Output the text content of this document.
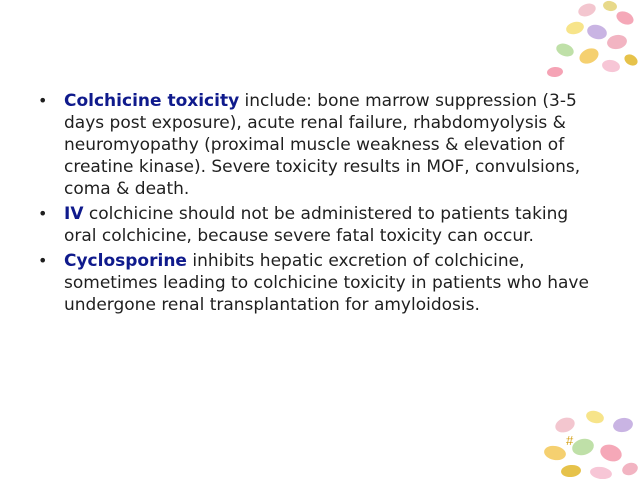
• Colchicine toxicity include: bone marrow suppression (3-5 days post exposure), acute renal failure, rhabdomyolysis & neuromyopathy (proximal muscle weakness & elevation of creatine kinase). Severe toxicity results in MOF, convulsions, coma & death.
• IV colchicine should not be administered to patients taking oral colchicine, because severe fatal toxicity can occur.
• Cyclosporine inhibits hepatic excretion of colchicine, sometimes leading to colchicine toxicity in patients who have undergone renal transplantation for amyloidosis.
#
